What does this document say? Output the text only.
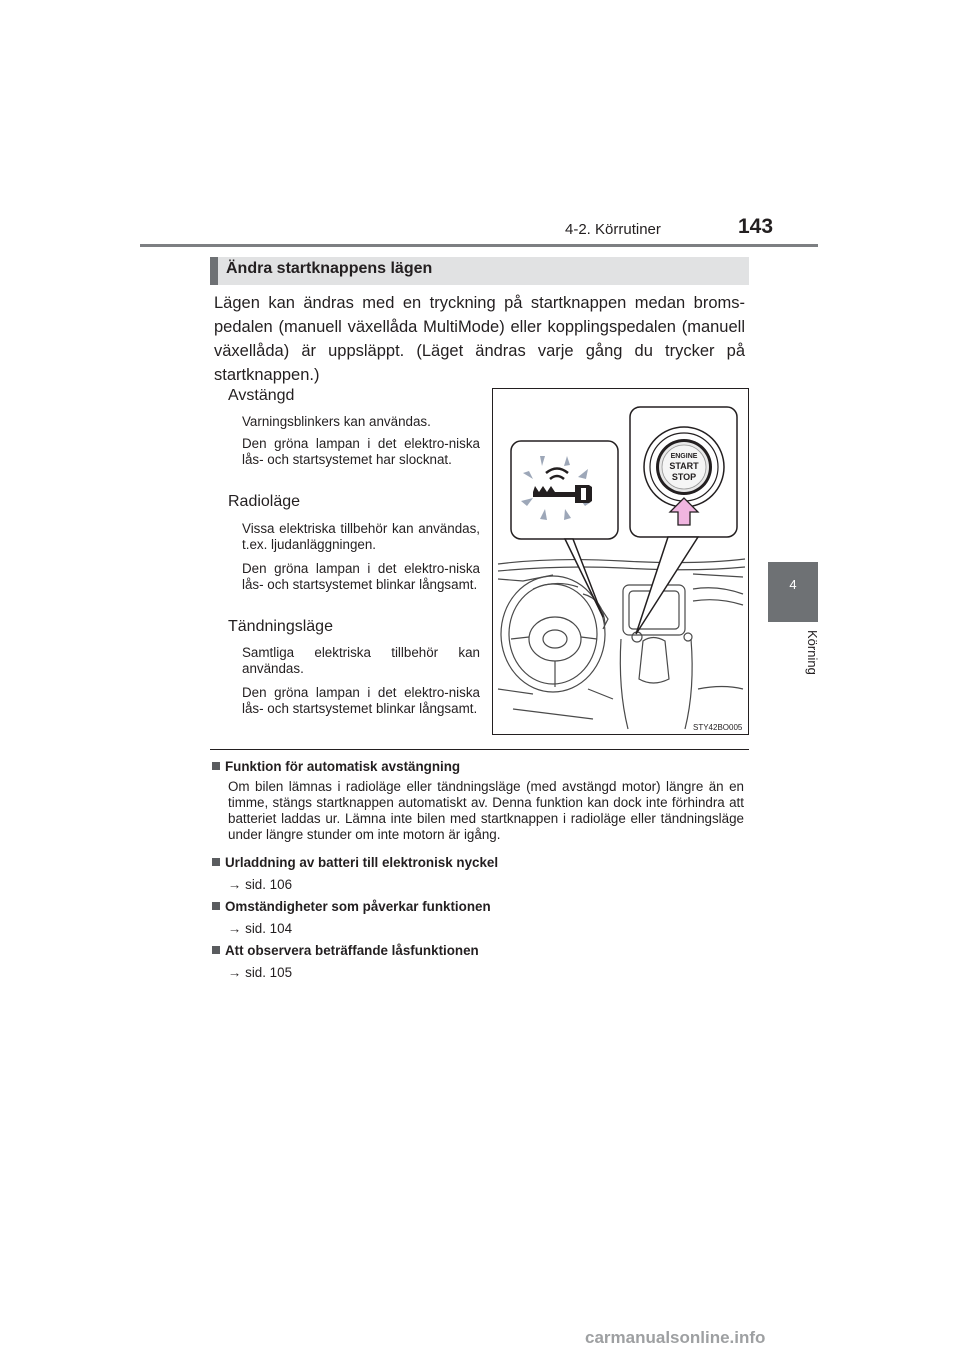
4-2. Körrutiner	143
4
Körning
Ändra startknappens lägen
Lägen kan ändras med en tryckning på startknappen medan broms-pedalen (manuell växellåda MultiMode) eller kopplingspedalen (manuell växellåda) är uppsläppt. (Läget ändras varje gång du trycker på startknappen.)
Avstängd
Varningsblinkers kan användas.
Den gröna lampan i det elektro-niska lås- och startsystemet har slocknat.
Radioläge
Vissa elektriska tillbehör kan användas, t.ex. ljudanläggningen.
Den gröna lampan i det elektro-niska lås- och startsystemet blinkar långsamt.
Tändningsläge
Samtliga elektriska tillbehör kan användas.
Den gröna lampan i det elektro-niska lås- och startsystemet blinkar långsamt.
ENGINE
START
STOP
STY42BO005
Funktion för automatisk avstängning
Om bilen lämnas i radioläge eller tändningsläge (med avstängd motor) längre än en timme, stängs startknappen automatiskt av. Denna funktion kan dock inte förhindra att batteriet laddas ur. Lämna inte bilen med startknappen i radioläge eller tändningsläge under längre stunder om inte motorn är igång.
Urladdning av batteri till elektronisk nyckel
→ sid. 106
Omständigheter som påverkar funktionen
→ sid. 104
Att observera beträffande låsfunktionen
→ sid. 105
carmanualsonline.info
